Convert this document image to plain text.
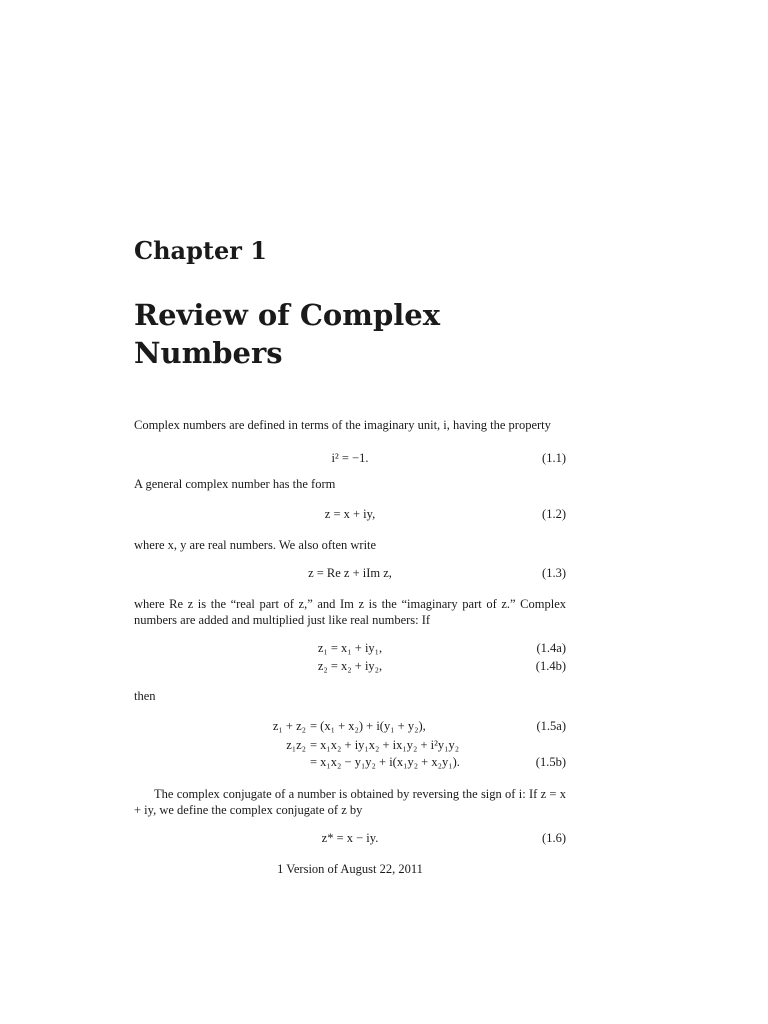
Chapter 1
Review of Complex Numbers
Complex numbers are defined in terms of the imaginary unit, i, having the property
i² = −1.	(1.1)
A general complex number has the form
z = x + iy,	(1.2)
where x, y are real numbers. We also often write
z = Re z + iIm z,	(1.3)
where Re z is the “real part of z,” and Im z is the “imaginary part of z.” Complex numbers are added and multiplied just like real numbers: If
z₁ = x₁ + iy₁,	(1.4a)
z₂ = x₂ + iy₂,	(1.4b)
then
z₁ + z₂ = (x₁ + x₂) + i(y₁ + y₂),	(1.5a)
z₁z₂ = x₁x₂ + iy₁x₂ + ix₁y₂ + i²y₁y₂
= x₁x₂ − y₁y₂ + i(x₁y₂ + x₂y₁).	(1.5b)
The complex conjugate of a number is obtained by reversing the sign of i: If z = x + iy, we define the complex conjugate of z by
z* = x − iy.	(1.6)
1 Version of August 22, 2011
